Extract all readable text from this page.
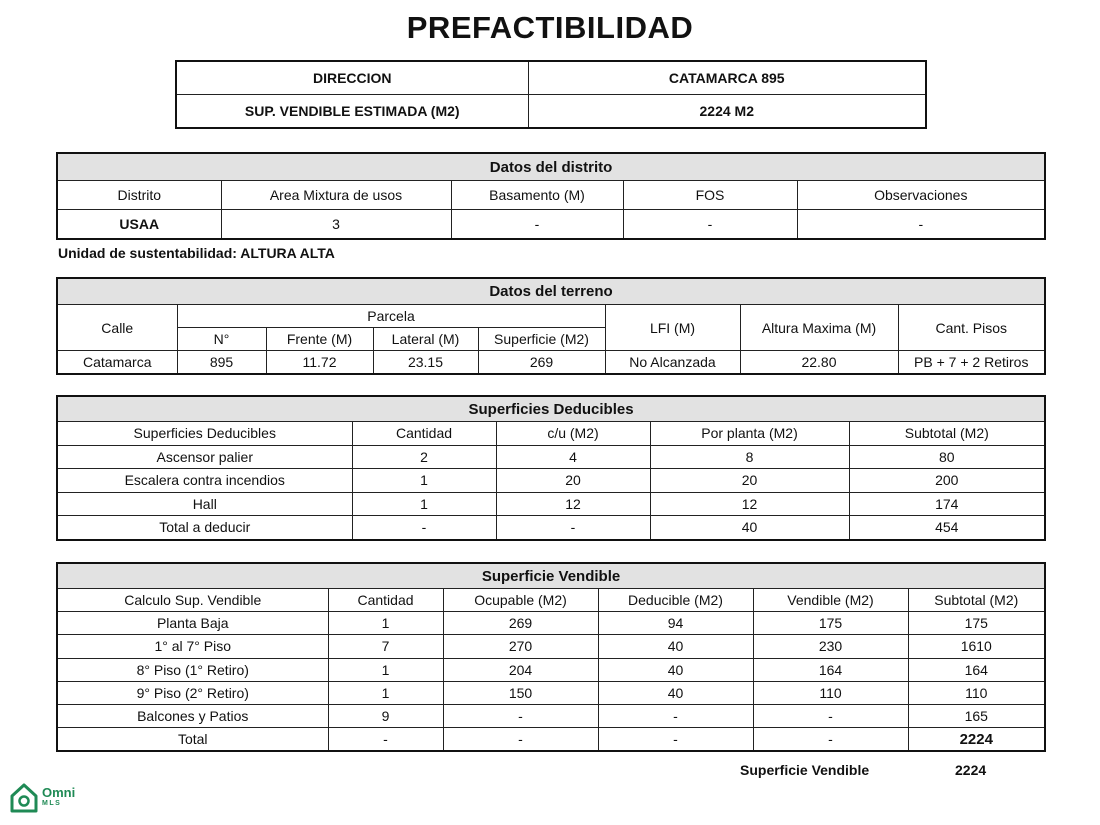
PREFACTIBILIDAD
DIRECCION	CATAMARCA 895
SUP. VENDIBLE ESTIMADA (M2)	2224 M2
Datos del distrito				
Distrito	Area Mixtura de usos	Basamento (M)	FOS	Observaciones
USAA	3	-	-	-
Unidad de sustentabilidad: ALTURA ALTA
Datos del terreno							
Calle	Parcela				LFI (M)	Altura Maxima (M)	Cant. Pisos
	N°	Frente (M)	Lateral (M)	Superficie (M2)			
Catamarca	895	11.72	23.15	269	No Alcanzada	22.80	PB + 7 + 2 Retiros
Superficies Deducibles				
Superficies Deducibles	Cantidad	c/u (M2)	Por planta (M2)	Subtotal (M2)
Ascensor palier	2	4	8	80
Escalera contra incendios	1	20	20	200
Hall	1	12	12	174
Total a deducir	-	-	40	454
Superficie Vendible					
Calculo Sup. Vendible	Cantidad	Ocupable (M2)	Deducible (M2)	Vendible (M2)	Subtotal (M2)
Planta Baja	1	269	94	175	175
1° al 7° Piso	7	270	40	230	1610
8° Piso (1° Retiro)	1	204	40	164	164
9° Piso (2° Retiro)	1	150	40	110	110
Balcones y Patios	9	-	-	-	165
Total	-	-	-	-	2224
Superficie Vendible	2224
Omni
MLS
